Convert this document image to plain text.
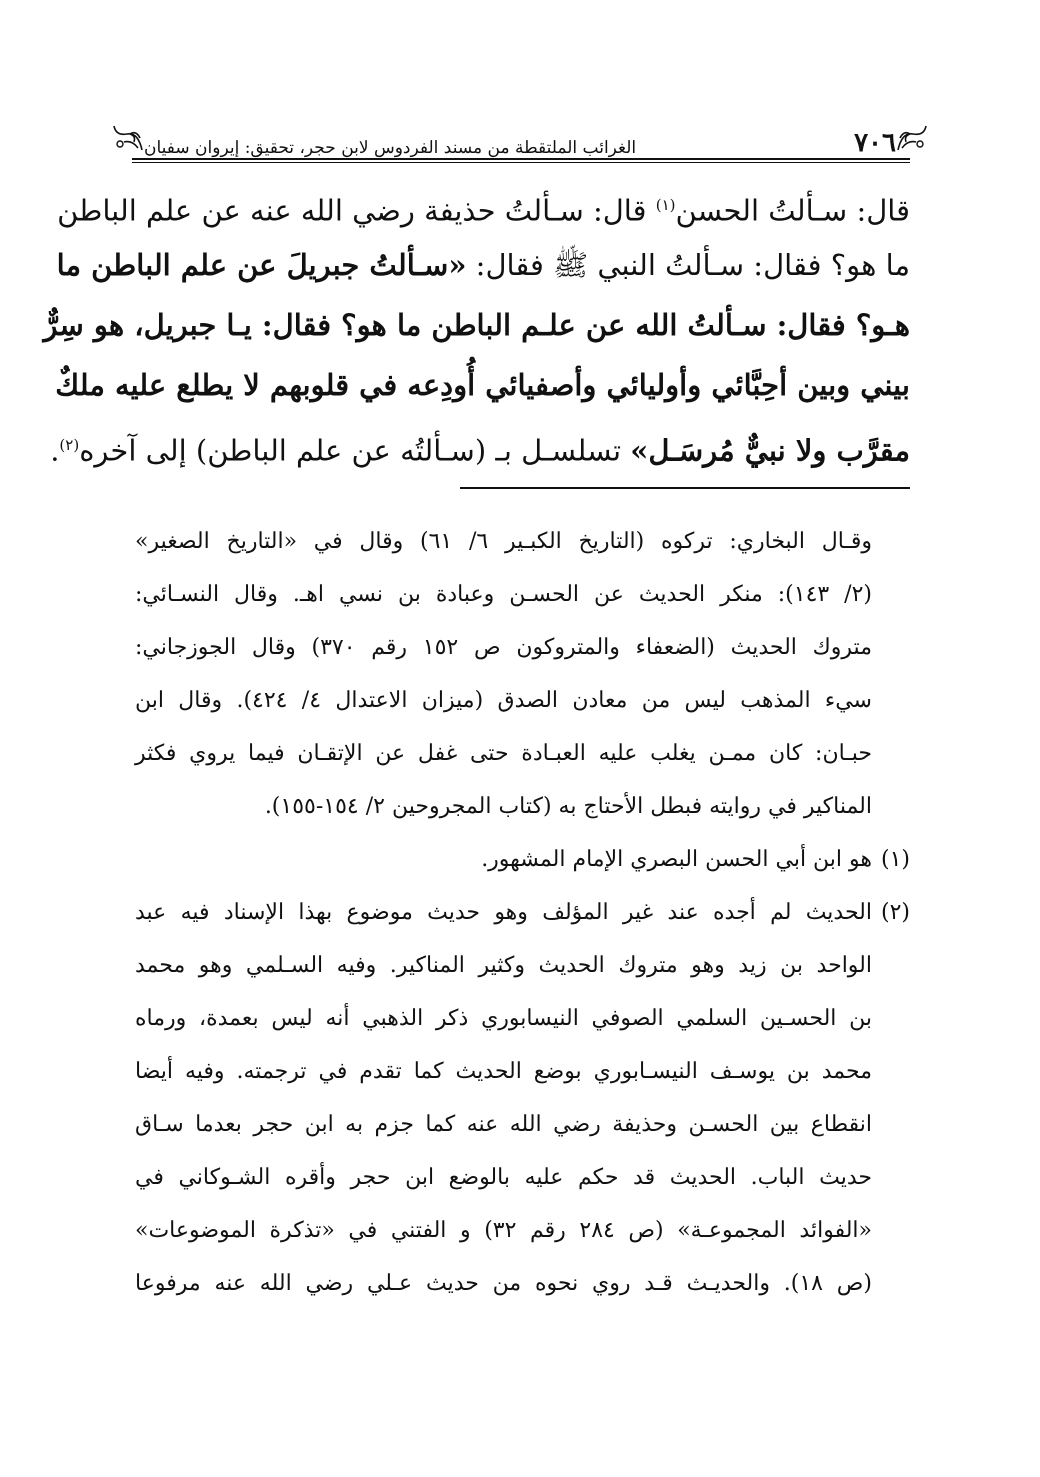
٧٠٦
الغرائب الملتقطة من مسند الفردوس لابن حجر، تحقيق: إيروان سفيان
قال: سـألتُ الحسن$^{(١)}$ قال: سـألتُ حذيفة رضي الله عنه عن علم الباطن
ما هو؟ فقال: سـألتُ النبي ﷺ فقال: «سـألتُ جبريلَ عن علم الباطن ما
هـو؟ فقال: سـألتُ الله عن علـم الباطن ما هو؟ فقال: يـا جبريل، هو سِرٌّ
بيني وبين أحِبَّائي وأوليائي وأصفيائي أُودِعه في قلوبهم لا يطلع عليه ملكٌ
مقرَّب ولا نبيٌّ مُرسَـل» تسلسـل بـ (سـألتُه عن علم الباطن) إلى آخره$^{(٢)}$.
وقـال البخاري: تركوه (التاريخ الكبـير ٦/ ٦١) وقال في «التاريخ الصغير»
(٢/ ١٤٣): منكر الحديث عن الحسـن وعبادة بن نسي اهـ. وقال النسـائي:
متروك الحديث (الضعفاء والمتروكون ص ١٥٢ رقم ٣٧٠) وقال الجوزجاني:
سيء المذهب ليس من معادن الصدق (ميزان الاعتدال ٤/ ٤٢٤). وقال ابن
حبـان: كان ممـن يغلب عليه العبـادة حتى غفل عن الإتقـان فيما يروي فكثر
المناكير في روايته فبطل الأحتاج به (كتاب المجروحين ٢/ ١٥٤-١٥٥).
(١)
هو ابن أبي الحسن البصري الإمام المشهور.
(٢)
الحديث لم أجده عند غير المؤلف وهو حديث موضوع بهذا الإسناد فيه عبد
الواحد بن زيد وهو متروك الحديث وكثير المناكير. وفيه السـلمي وهو محمد
بن الحسـين السلمي الصوفي النيسابوري ذكر الذهبي أنه ليس بعمدة، ورماه
محمد بن يوسـف النيسـابوري بوضع الحديث كما تقدم في ترجمته. وفيه أيضا
انقطاع بين الحسـن وحذيفة رضي الله عنه كما جزم به ابن حجر بعدما سـاق
حديث الباب. الحديث قد حكم عليه بالوضع ابن حجر وأقره الشـوكاني في
«الفوائد المجموعـة» (ص ٢٨٤ رقم ٣٢) و الفتني في «تذكرة الموضوعات»
(ص ١٨). والحديـث قـد روي نحوه من حديث عـلي رضي الله عنه مرفوعا
